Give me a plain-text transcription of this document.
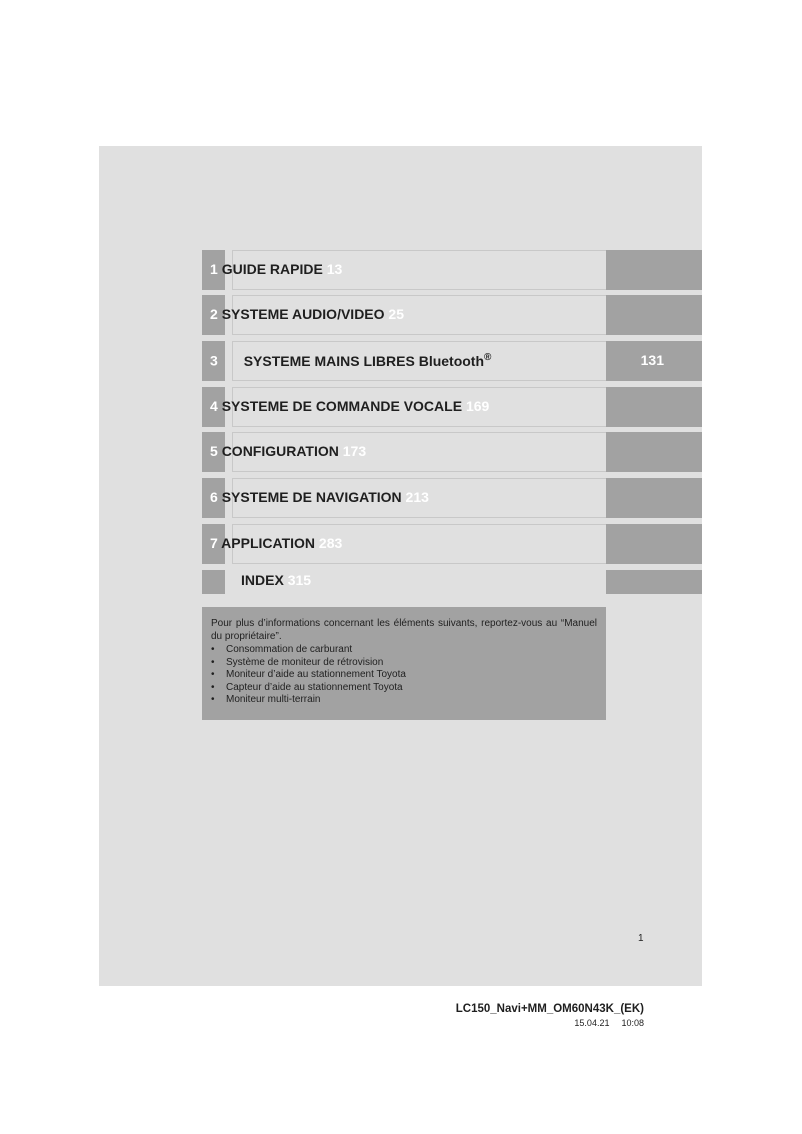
1 GUIDE RAPIDE 13
2 SYSTEME AUDIO/VIDEO 25
3 SYSTEME MAINS LIBRES Bluetooth®	131
4 SYSTEME DE COMMANDE VOCALE 169
5 CONFIGURATION 173
6 SYSTEME DE NAVIGATION 213
7 APPLICATION 283
INDEX 315

Pour plus d’informations concernant les éléments suivants, reportez-vous au “Manuel du propriétaire”.

• Consommation de carburant
• Système de moniteur de rétrovision
• Moniteur d’aide au stationnement Toyota
• Capteur d’aide au stationnement Toyota
• Moniteur multi-terrain
1
LC150_Navi+MM_OM60N43K_(EK)
15.04.21 10:08
